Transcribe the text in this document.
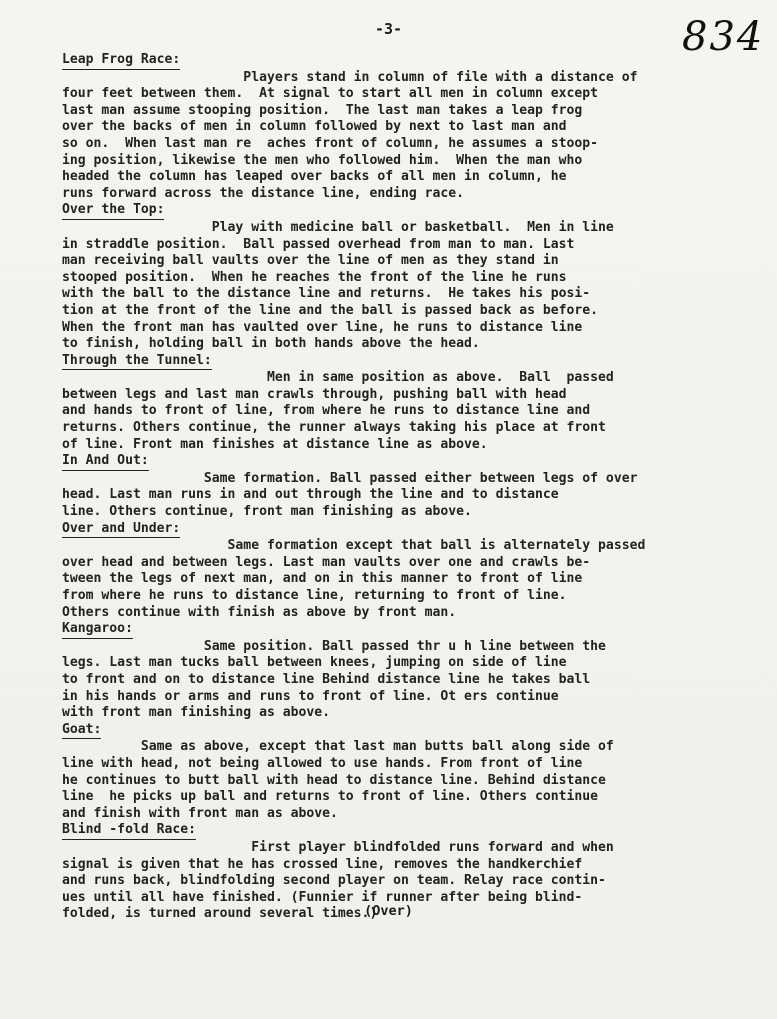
-3-	834
Leap Frog Race:
Players stand in column of file with a distance of
four feet between them.  At signal to start all men in column except
last man assume stooping position.  The last man takes a leap frog
over the backs of men in column followed by next to last man and
so on.  When last man re  aches front of column, he assumes a stoop-
ing position, likewise the men who followed him.  When the man who
headed the column has leaped over backs of all men in column, he
runs forward across the distance line, ending race.
Over the Top:
Play with medicine ball or basketball.  Men in line
in straddle position.  Ball passed overhead from man to man. Last
man receiving ball vaults over the line of men as they stand in
stooped position.  When he reaches the front of the line he runs
with the ball to the distance line and returns.  He takes his posi-
tion at the front of the line and the ball is passed back as before.
When the front man has vaulted over line, he runs to distance line
to finish, holding ball in both hands above the head.
Through the Tunnel:
Men in same position as above.  Ball  passed
between legs and last man crawls through, pushing ball with head
and hands to front of line, from where he runs to distance line and
returns. Others continue, the runner always taking his place at front
of line. Front man finishes at distance line as above.
In And Out:
Same formation. Ball passed either between legs of over
head. Last man runs in and out through the line and to distance
line. Others continue, front man finishing as above.
Over and Under:
Same formation except that ball is alternately passed
over head and between legs. Last man vaults over one and crawls be-
tween the legs of next man, and on in this manner to front of line
from where he runs to distance line, returning to front of line.
Others continue with finish as above by front man.
Kangaroo:
Same position. Ball passed thr u h line between the
legs. Last man tucks ball between knees, jumping on side of line
to front and on to distance line Behind distance line he takes ball
in his hands or arms and runs to front of line. Ot ers continue
with front man finishing as above.
Goat:
Same as above, except that last man butts ball along side of
line with head, not being allowed to use hands. From front of line
he continues to butt ball with head to distance line. Behind distance
line  he picks up ball and returns to front of line. Others continue
and finish with front man as above.
Blind -fold Race:
First player blindfolded runs forward and when
signal is given that he has crossed line, removes the handkerchief
and runs back, blindfolding second player on team. Relay race contin-
ues until all have finished. (Funnier if runner after being blind-
folded, is turned around several times.)
(Over)
